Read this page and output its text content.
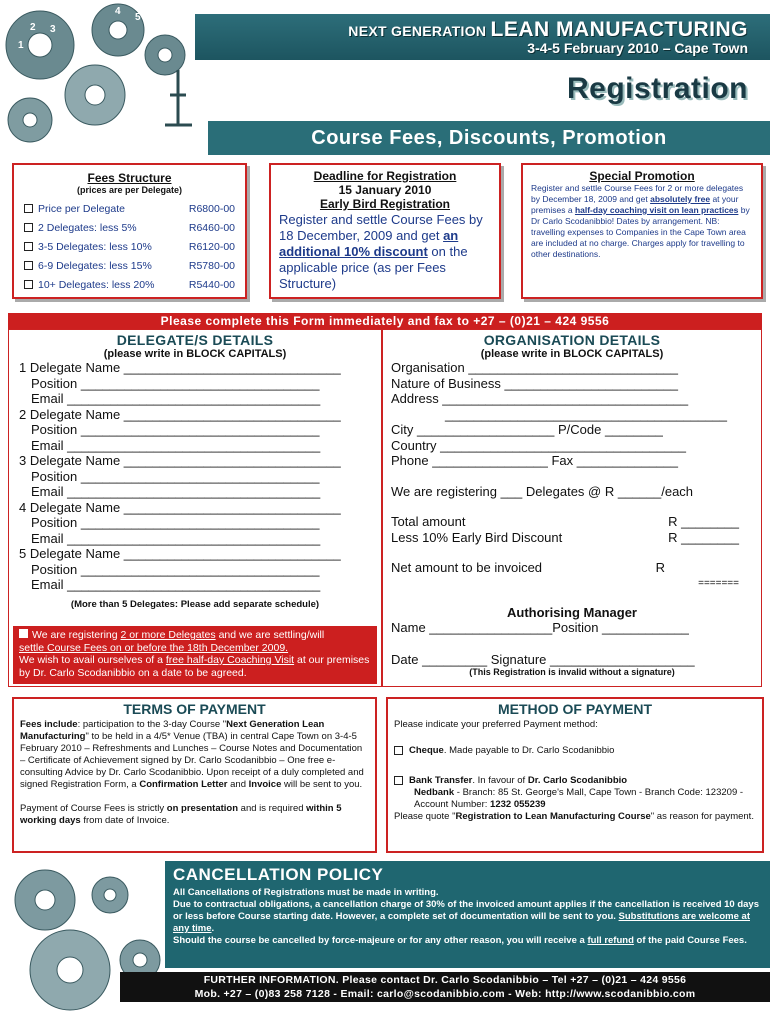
1
2 3
4
5
NEXT GENERATION LEAN MANUFACTURING
3-4-5 February 2010 – Cape Town
Registration
Course Fees, Discounts, Promotion
Fees Structure
(prices are per Delegate)
Price per Delegate	R6800-00
2 Delegates: less 5%	R6460-00
3-5 Delegates: less 10%	R6120-00
6-9 Delegates: less 15%	R5780-00
10+ Delegates: less 20%	R5440-00
Deadline for Registration
15 January 2010
Early Bird Registration
Register and settle Course Fees by 18 December, 2009 and get an additional 10% discount on the applicable price (as per Fees Structure)
Special Promotion
Register and settle Course Fees for 2 or more delegates by December 18, 2009 and get absolutely free at your premises a half-day coaching visit on lean practices by Dr Carlo Scodanibbio! Dates by arrangement. NB: travelling expenses to Companies in the Cape Town area are included at no charge. Charges apply for travelling to other destinations.
Please complete this Form immediately and fax to +27 – (0)21 – 424 9556
DELEGATE/S DETAILS
(please write in BLOCK CAPITALS)
1 Delegate Name ______________________________
Position _________________________________
Email ___________________________________
2 Delegate Name ______________________________
Position _________________________________
Email ___________________________________
3 Delegate Name ______________________________
Position _________________________________
Email ___________________________________
4 Delegate Name ______________________________
Position _________________________________
Email ___________________________________
5 Delegate Name ______________________________
Position _________________________________
Email ___________________________________
(More than 5 Delegates: Please add separate schedule)
We are registering 2 or more Delegates and we are settling/will
settle Course Fees on or before the 18th December 2009.
We wish to avail ourselves of a free half-day Coaching Visit at our premises by Dr. Carlo Scodanibbio on a date to be agreed.
ORGANISATION DETAILS
(please write in BLOCK CAPITALS)
Organisation _____________________________
Nature of Business ________________________
Address __________________________________
_______________________________________
City ___________________ P/Code ________
Country __________________________________
Phone ________________ Fax ______________
We are registering ___ Delegates @ R ______/each
Total amount	R ________
Less 10% Early Bird Discount	R ________
Net amount to be invoiced	R
=======
Authorising Manager
Name _________________Position ____________
Date _________ Signature ____________________
(This Registration is invalid without a signature)
TERMS OF PAYMENT
Fees include: participation to the 3-day Course "Next Generation Lean Manufacturing" to be held in a 4/5* Venue (TBA) in central Cape Town on 3-4-5 February 2010 – Refreshments and Lunches – Course Notes and Documentation – Certificate of Achievement signed by Dr. Carlo Scodanibbio – One free e-consulting Advice by Dr. Carlo Scodanibbio. Upon receipt of a duly completed and signed Registration Form, a Confirmation Letter and Invoice will be sent to you.
Payment of Course Fees is strictly on presentation and is required within 5 working days from date of Invoice.
METHOD OF PAYMENT
Please indicate your preferred Payment method:
Cheque. Made payable to Dr. Carlo Scodanibbio
Bank Transfer. In favour of Dr. Carlo Scodanibbio
Nedbank - Branch: 85 St. George's Mall, Cape Town - Branch Code: 123209 - Account Number: 1232 055239
Please quote "Registration to Lean Manufacturing Course" as reason for payment.
CANCELLATION POLICY
All Cancellations of Registrations must be made in writing.
Due to contractual obligations, a cancellation charge of 30% of the invoiced amount applies if the cancellation is received 10 days or less before Course starting date. However, a complete set of documentation will be sent to you. Substitutions are welcome at any time.
Should the course be cancelled by force-majeure or for any other reason, you will receive a full refund of the paid Course Fees.
FURTHER INFORMATION. Please contact Dr. Carlo Scodanibbio – Tel +27 – (0)21 – 424 9556
Mob. +27 – (0)83 258 7128 - Email: carlo@scodanibbio.com - Web: http://www.scodanibbio.com
